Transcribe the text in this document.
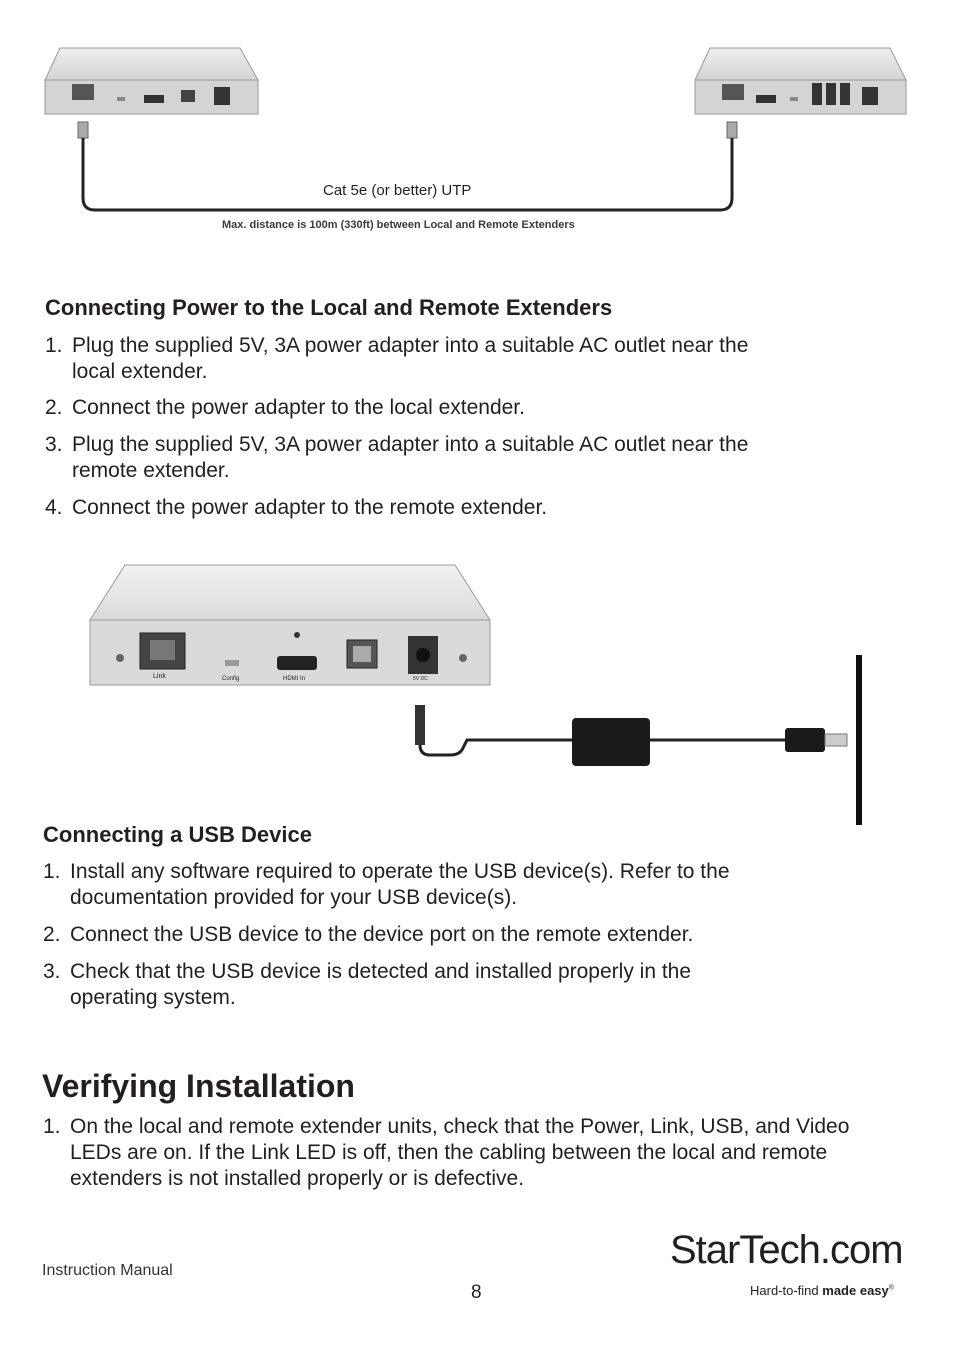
Cat 5e (or better) UTP
Max. distance is 100m (330ft) between Local and Remote Extenders
Connecting Power to the Local and Remote Extenders
1. Plug the supplied 5V, 3A power adapter into a suitable AC outlet near the
local extender.
2. Connect the power adapter to the local extender.
3. Plug the supplied 5V, 3A power adapter into a suitable AC outlet near the
remote extender.
4. Connect the power adapter to the remote extender.
Link	Config	HDMI In	5V DC
Connecting a USB Device
1. Install any software required to operate the USB device(s). Refer to the
documentation provided for your USB device(s).
2. Connect the USB device to the device port on the remote extender.
3. Check that the USB device is detected and installed properly in the
operating system.
Verifying Installation
1. On the local and remote extender units, check that the Power, Link, USB, and Video
LEDs are on. If the Link LED is off, then the cabling between the local and remote
extenders is not installed properly or is defective.
Instruction Manual
8
StarTech.com
Hard-to-find made easy®
